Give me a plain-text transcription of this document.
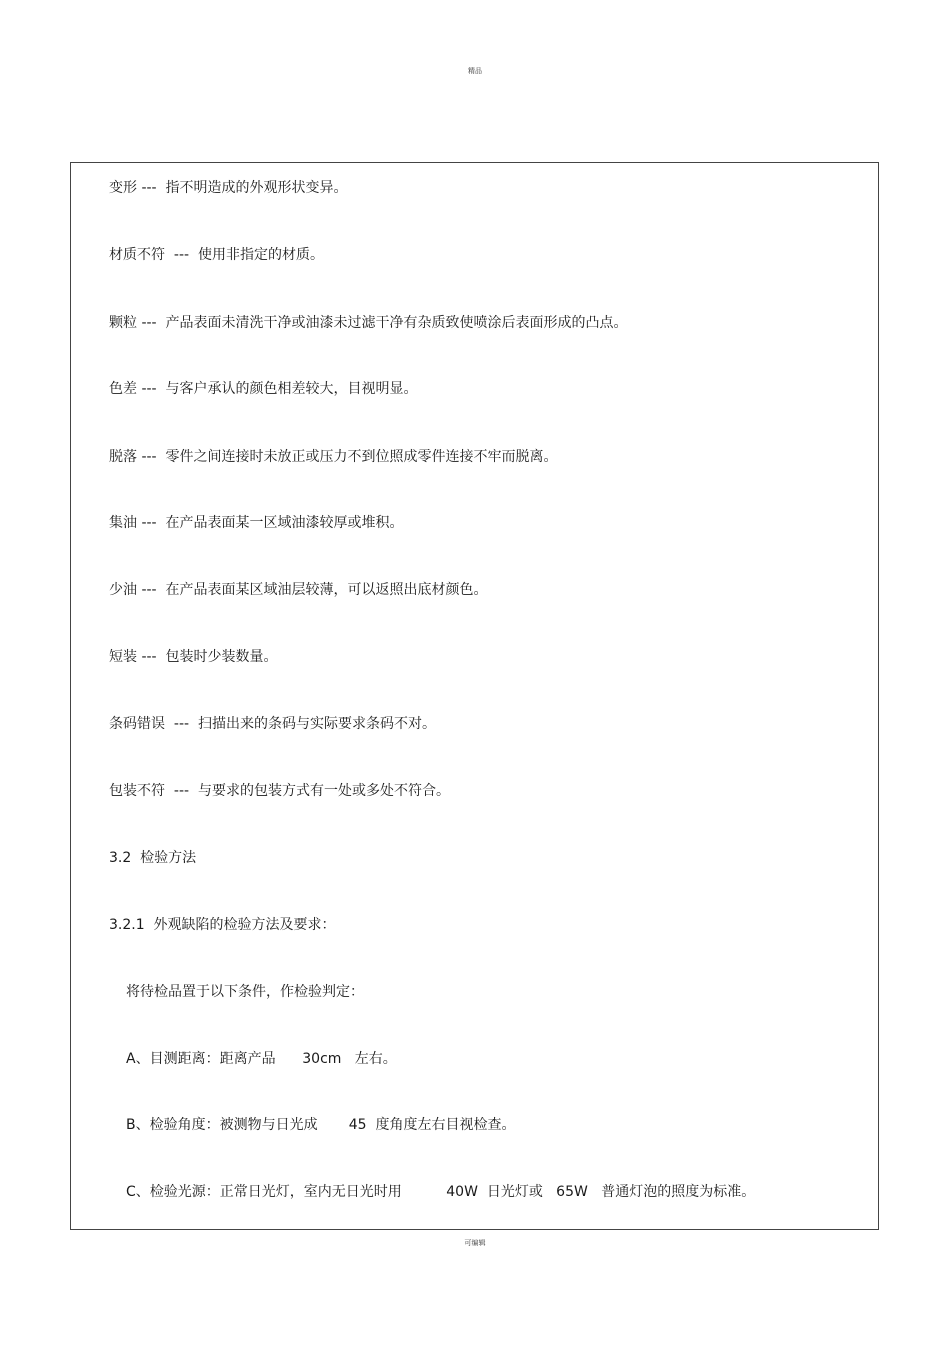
精品
变形 ---  指不明造成的外观形状变异。
材质不符  ---  使用非指定的材质。
颗粒 ---  产品表面未清洗干净或油漆未过滤干净有杂质致使喷涂后表面形成的凸点。
色差 ---  与客户承认的颜色相差较大，目视明显。
脱落 ---  零件之间连接时未放正或压力不到位照成零件连接不牢而脱离。
集油 ---  在产品表面某一区域油漆较厚或堆积。
少油 ---  在产品表面某区域油层较薄，可以返照出底材颜色。
短装 ---  包装时少装数量。
条码错误  ---  扫描出来的条码与实际要求条码不对。
包装不符  ---  与要求的包装方式有一处或多处不符合。
3.2  检验方法
3.2.1  外观缺陷的检验方法及要求：
将待检品置于以下条件，作检验判定：
A、目测距离：距离产品      30cm   左右。
B、检验角度：被测物与日光成       45  度角度左右目视检查。
C、检验光源：正常日光灯，室内无日光时用          40W  日光灯或   65W   普通灯泡的照度为标准。
可编辑
